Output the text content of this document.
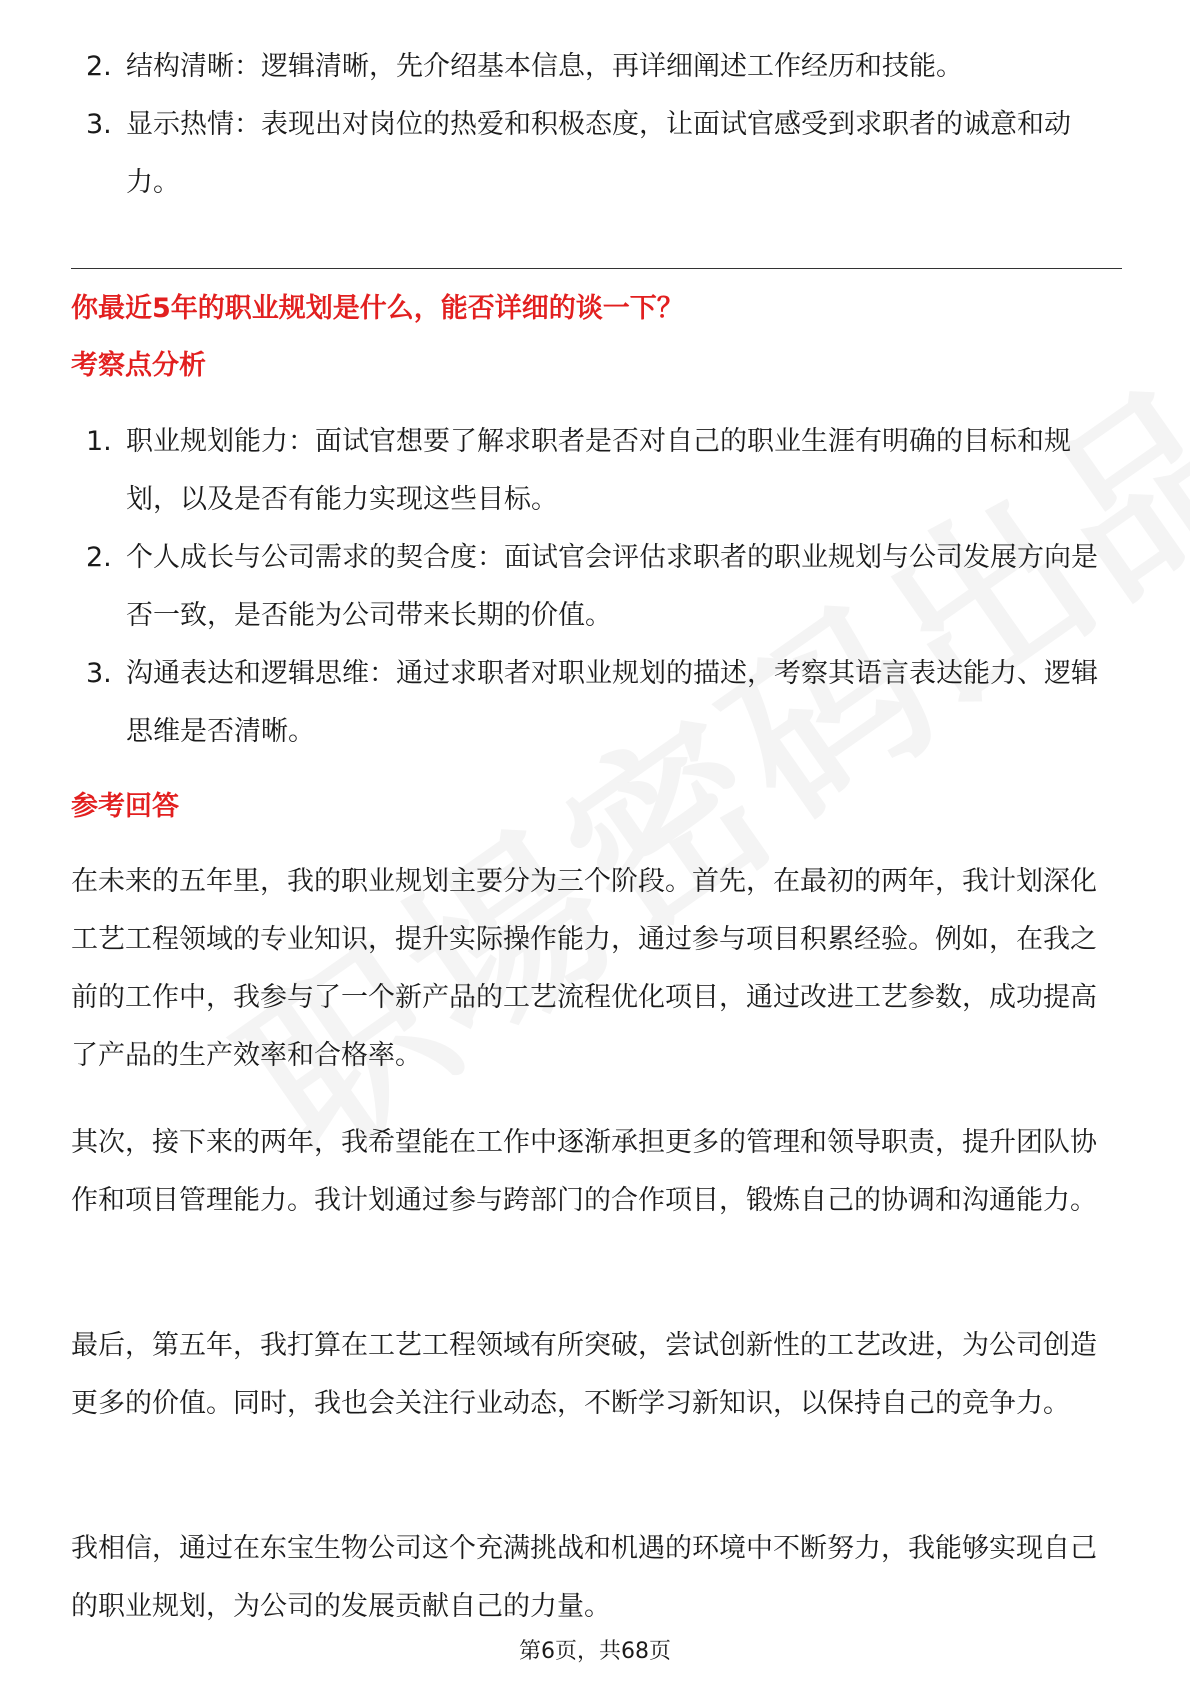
2. 结构清晰：逻辑清晰，先介绍基本信息，再详细阐述工作经历和技能。
3. 显示热情：表现出对岗位的热爱和积极态度，让面试官感受到求职者的诚意和动力。
你最近5年的职业规划是什么，能否详细的谈一下？
考察点分析
1. 职业规划能力：面试官想要了解求职者是否对自己的职业生涯有明确的目标和规划，以及是否有能力实现这些目标。
2. 个人成长与公司需求的契合度：面试官会评估求职者的职业规划与公司发展方向是否一致，是否能为公司带来长期的价值。
3. 沟通表达和逻辑思维：通过求职者对职业规划的描述，考察其语言表达能力、逻辑思维是否清晰。
参考回答

在未来的五年里，我的职业规划主要分为三个阶段。首先，在最初的两年，我计划深化工艺工程领域的专业知识，提升实际操作能力，通过参与项目积累经验。例如，在我之前的工作中，我参与了一个新产品的工艺流程优化项目，通过改进工艺参数，成功提高了产品的生产效率和合格率。

其次，接下来的两年，我希望能在工作中逐渐承担更多的管理和领导职责，提升团队协作和项目管理能力。我计划通过参与跨部门的合作项目，锻炼自己的协调和沟通能力。

最后，第五年，我打算在工艺工程领域有所突破，尝试创新性的工艺改进，为公司创造更多的价值。同时，我也会关注行业动态，不断学习新知识，以保持自己的竞争力。

我相信，通过在东宝生物公司这个充满挑战和机遇的环境中不断努力，我能够实现自己的职业规划，为公司的发展贡献自己的力量。

第6页，共68页
